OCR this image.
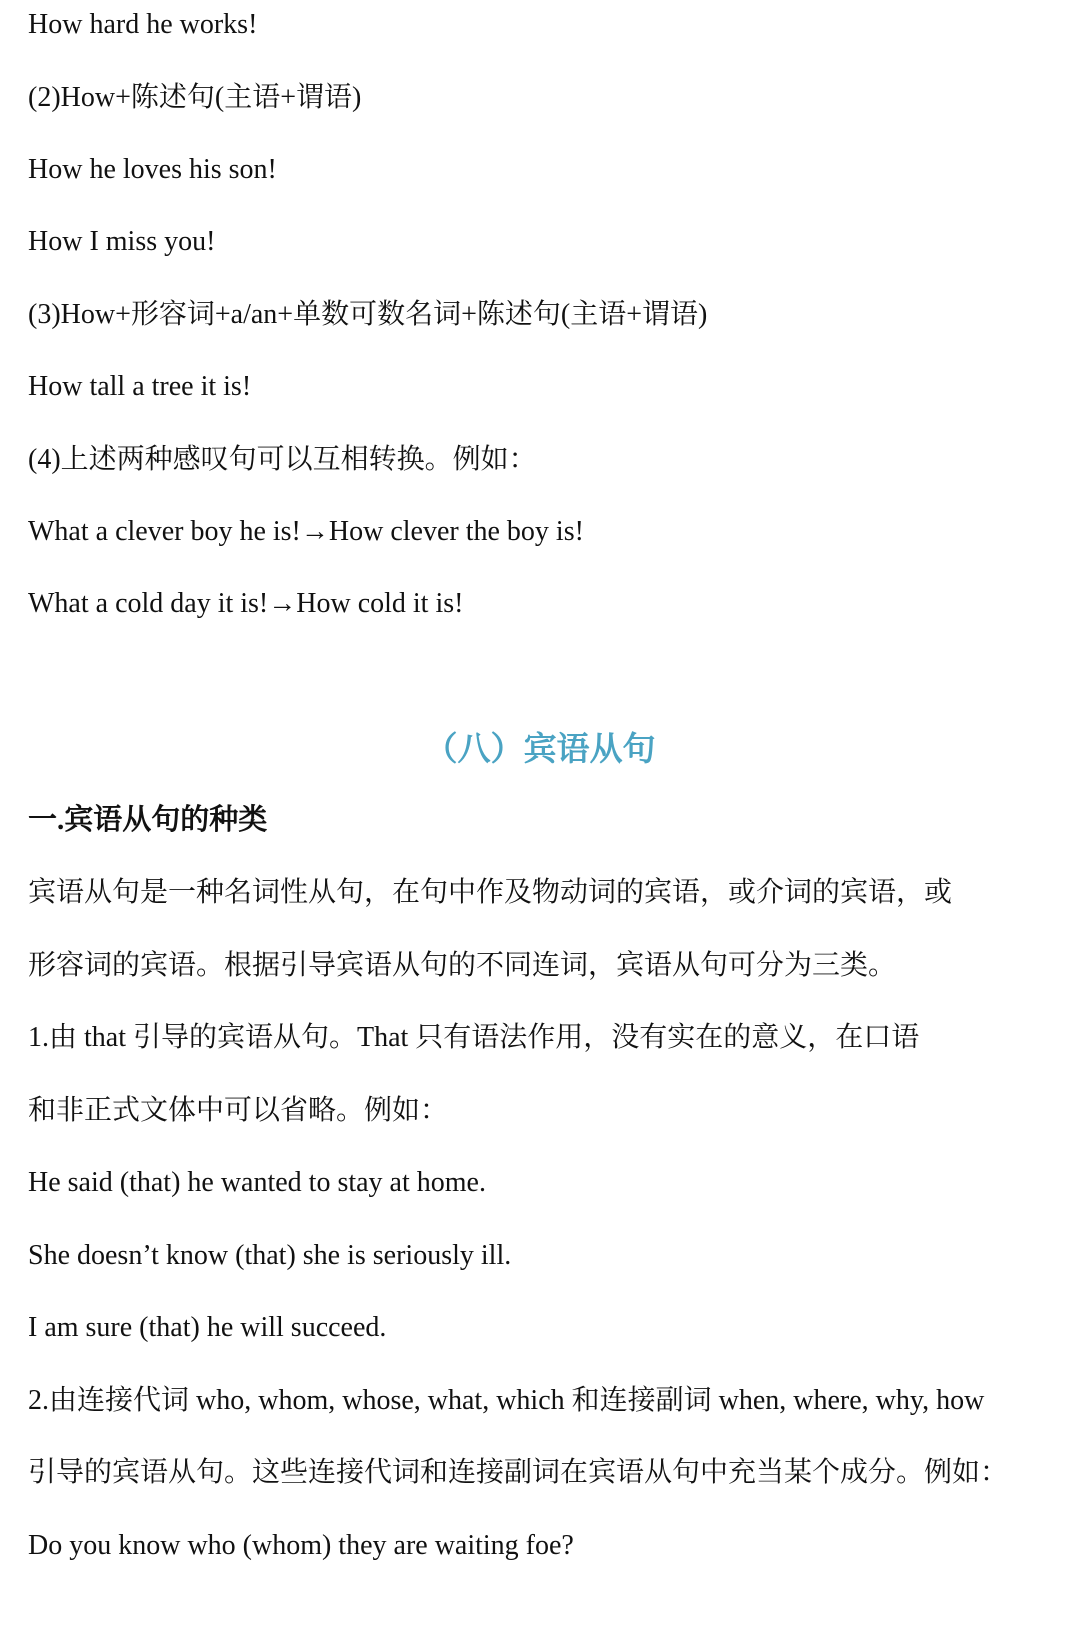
How hard he works!

(2)How+陈述句(主语+谓语)

How he loves his son!

How I miss you!

(3)How+形容词+a/an+单数可数名词+陈述句(主语+谓语)

How tall a tree it is!

(4)上述两种感叹句可以互相转换。例如：

What a clever boy he is!→How clever the boy is!

What a cold day it is!→How cold it is!

（八）宾语从句
一.宾语从句的种类

宾语从句是一种名词性从句，在句中作及物动词的宾语，或介词的宾语，或

形容词的宾语。根据引导宾语从句的不同连词，宾语从句可分为三类。

1.由 that 引导的宾语从句。That 只有语法作用，没有实在的意义，在口语

和非正式文体中可以省略。例如：

He said (that) he wanted to stay at home.

She doesn’t know (that) she is seriously ill.

I am sure (that) he will succeed.

2.由连接代词 who, whom, whose, what, which 和连接副词 when, where, why, how

引导的宾语从句。这些连接代词和连接副词在宾语从句中充当某个成分。例如：

Do you know who (whom) they are waiting foe?
